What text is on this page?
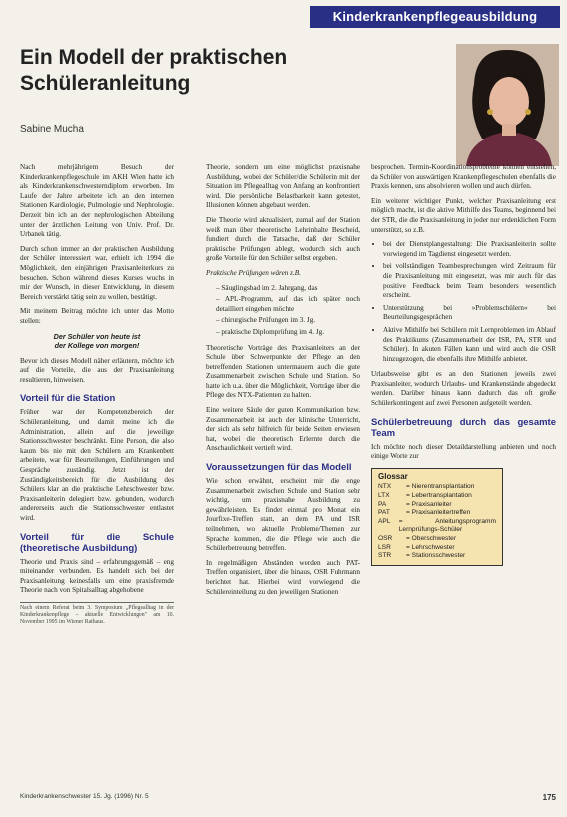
Kinderkrankenpflegeausbildung
Ein Modell der praktischen Schüleranleitung
Sabine Mucha

Nach mehrjährigem Besuch der Kinderkrankenpflegeschule im AKH Wien hatte ich als Kinderkrankenschwesterndiplom erworben. Im Laufe der Jahre arbeitete ich an den internen Stationen Kardiologie, Pulmologie und Nephrologie. Derzeit bin ich an der nephrologischen Abteilung unter der ärztlichen Leitung von Univ. Prof. Dr. Urbanek tätig.

Durch schon immer an der praktischen Ausbildung der Schüler interessiert war, erhielt ich 1994 die Möglichkeit, den einjährigen Praxisanleiterkurs zu besuchen. Schon während dieses Kurses wuchs in mir der Wunsch, in dieser Entwicklung, in diesem Bereich verstärkt tätig sein zu wollen, bestätigt.

Mit meinem Beitrag möchte ich unter das Motto stellen:

Der Schüler von heute ist
der Kollege von morgen!

Bevor ich dieses Modell näher erläutern, möchte ich auf die Vorteile, die aus der Praxisanleitung resultieren, hinweisen.

Vorteil für die Station

Früher war der Kompetenzbereich der Schüleranleitung, und damit meine ich die Administration, allein auf die jeweilige Stationsschwester beschränkt. Eine Person, die also kaum bis nie mit den Schülern am Krankenbett arbeitete, war für Beurteilungen, Einführungen und Gespräche zuständig. Jetzt ist der Zuständigkeitsbereich für die Ausbildung des Schülers klar an die praktische Lehrschwester bzw. Praxisanleiterin delegiert bzw. gebunden, wodurch andererseits auch die Stationsschwester entlastet wird.

Vorteil für die Schule (theoretische Ausbildung)

Theorie und Praxis sind – erfahrungsgemäß – eng miteinander verbunden. Es handelt sich bei der Praxisanleitung keinesfalls um eine praxisfremde Theorie nach von Spitalsalltag abgehobene

Nach einem Referat beim 3. Symposium „Pflegealltag in der Kinderkrankenpflege – aktuelle Entwicklungen" am 10. November 1995 im Wiener Rathaus.

Theorie, sondern um eine möglichst praxisnahe Ausbildung, wobei der Schüler/die Schülerin mit der Situation im Pflegealltag von Anfang an konfrontiert wird. Die persönliche Belastbarkeit kann getestet, Illusionen können abgebaut werden.

Die Theorie wird aktualisiert, zumal auf der Station weiß man über theoretische Lehrinhalte Bescheid, fundiert durch die Tatsache, daß der Schüler praktische Prüfungen ablegt, wodurch sich auch große Vorteile für den Schüler selbst ergeben.

Praktische Prüfungen wären z.B.

– Säuglingsbad im 2. Jahrgang, das
– APL-Programm, auf das ich später noch detailliert eingehen möchte
– chirurgische Prüfungen im 3. Jg.
– praktische Diplomprüfung im 4. Jg.

Theoretische Vorträge des Praxisanleiters an der Schule über Schwerpunkte der Pflege an den betreffenden Stationen untermauern auch die gute Zusammenarbeit zwischen Schule und Station. So hatte ich u.a. über die Möglichkeit, Vorträge über die Pflege des NTX-Patienten zu halten.

Eine weitere Säule der guten Kommunikation bzw. Zusammenarbeit ist auch der klinische Unterricht, der sich als sehr hilfreich für beide Seiten erwiesen hat, wobei die theoretisch Erlernte durch die Anschaulichkeit vertieft wird.

Voraussetzungen für das Modell

Wie schon erwähnt, erscheint mir die enge Zusammenarbeit zwischen Schule und Station sehr wichtig, um praxisnahe Ausbildung zu gewährleisten. Es findet einmal pro Monat ein Jourfixe-Treffen statt, an dem PA und ISR teilnehmen, wo aktuelle Probleme/Themen zur Sprache kommen, die die Pflege wie auch die Schülerbetreuung betreffen.

In regelmäßigen Abständen werden auch PAT-Treffen organisiert, über die hinaus, OSR Fuhrmann berichtet hat. Hierbei wird vorwiegend die Schülereinteilung zu den jeweiligen Stationen

besprochen. Termin-Koordinationsprobleme können entstehen, da Schüler von auswärtigen Krankenpflegeschulen ebenfalls die Praxis kennen, uns absolvieren wollen und auch dürfen.

Ein weiterer wichtiger Punkt, welcher Praxisanleitung erst möglich macht, ist die aktive Mithilfe des Teams, beginnend bei der STR, die die Praxisanleitung in jeder nur erdenklichen Form unterstützt, so z.B.

• bei der Dienstplangestaltung: Die Praxisanleiterin sollte vorwiegend im Tagdienst eingesetzt werden.
• bei vollständigen Teambesprechungen wird Zeitraum für die Praxisanleitung mit eingesetzt, was mir auch für das positive Feedback beim Team besonders wesentlich erscheint.
• Unterstützung bei »Problemschülern« bei Beurteilungsgesprächen
• Aktive Mithilfe bei Schülern mit Lernproblemen im Ablauf des Praktikums (Zusammenarbeit der ISR, PA, STR und Schüler). In akuten Fällen kann und wird auch die OSR hinzugezogen, die ebenfalls ihre Mithilfe anbietet.

Urlaubsweise gibt es an den Stationen jeweils zwei Praxisanleiter, wodurch Urlaubs- und Krankenstände abgedeckt werden. Darüber hinaus kann dadurch das oft große Schülerkontingent auf zwei Personen aufgeteilt werden.

Schülerbetreuung durch das gesamte Team

Ich möchte noch dieser Detaildarstellung anbieten und noch einige Worte zur

Glossar
NTX	= Nierentransplantation
LTX	= Lebertransplantation
PA	= Praxisanleiter
PAT	= Praxisanleitertreffen
APL	= Anleitungsprogramm Lernprüfungs-Schüler
OSR	= Oberschwester
LSR	= Lehrschwester
STR	= Stationsschwester
Kinderkrankenschwester 15. Jg. (1996) Nr. 5	175
